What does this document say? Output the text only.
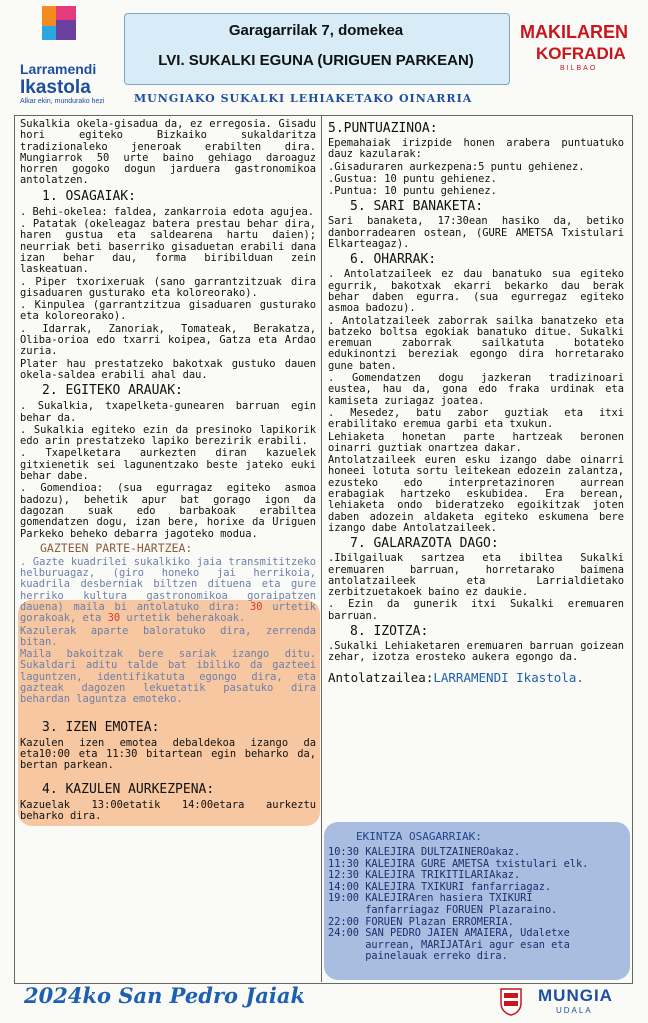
Larramendi
Ikastola
Alkar ekin, mundurako hezi
Garagarrilak 7, domekea
LVI. SUKALKI EGUNA (URIGUEN PARKEAN)
MAKILAREN
KOFRADIA
BILBAO
MUNGIAKO SUKALKI LEHIAKETAKO OINARRIA

Sukalkia okela-gisadua da, ez erregosia. Gisadu hori egiteko Bizkaiko sukaldaritza tradizionaleko jeneroak erabilten dira. Mungiarrok 50 urte baino gehiago daroaguz horren gogoko dogun jarduera gastronomikoa antolatzen.

1. OSAGAIAK:

. Behi-okelea: faldea, zankarroia edota agujea.

. Patatak (okeleagaz batera prestau behar dira, haren gustua eta saldearena hartu daien); neurriak beti baserriko gisaduetan erabili dana izan behar dau, forma biribilduan zein laskeatuan.

. Piper txorixeruak (sano garrantzitzuak dira gisaduaren gusturako eta koloreorako).

. Kinpulea (garrantzitzua gisaduaren gusturako eta koloreorako).

. Idarrak, Zanoriak, Tomateak, Berakatza, Oliba-orioa edo txarri koipea, Gatza eta Ardao zuria.

Plater hau prestatzeko bakotxak gustuko dauen okela-saldea erabili ahal dau.

2. EGITEKO ARAUAK:

. Sukalkia, txapelketa-gunearen barruan egin behar da.

. Sukalkia egiteko ezin da presinoko lapikorik edo arin prestatzeko lapiko berezirik erabili.

. Txapelketara aurkezten diran kazuelek gitxienetik sei lagunentzako beste jateko euki behar dabe.

. Gomendioa: (sua egurragaz egiteko asmoa badozu), behetik apur bat gorago igon da dagozan suak edo barbakoak erabiltea gomendatzen dogu, izan bere, horixe da Uriguen Parkeko beheko debarra jagoteko modua.

GAZTEEN PARTE-HARTZEA:

. Gazte kuadrilei sukalkiko jaia transmititzeko helburuagaz, (giro honeko jai herrikoia, kuadrila desberniak biltzen dituena eta gure herriko kultura gastronomikoa goraipatzen dauena) maila bi antolatuko dira: 30 urtetik gorakoak, eta 30 urtetik beherakoak.

Kazulerak aparte baloratuko dira, zerrenda bitan.

Maila bakoitzak bere sariak izango ditu. Sukaldari aditu talde bat ibiliko da gazteei laguntzen, identifikatuta egongo dira, eta gazteak dagozen lekuetatik pasatuko dira behardan laguntza emoteko.

3. IZEN EMOTEA:

Kazulen izen emotea debaldekoa izango da eta10:00 eta 11:30 bitartean egin beharko da, bertan parkean.

4. KAZULEN AURKEZPENA:

Kazuelak 13:00etatik 14:00etara aurkeztu beharko dira.

5.PUNTUAZINOA:

Epemahaiak irizpide honen arabera puntuatuko dauz kazularak:

.Gisaduraren aurkezpena:5 puntu gehienez.

.Gustua: 10 puntu gehienez.

.Puntua: 10 puntu gehienez.

5. SARI BANAKETA:

Sari banaketa, 17:30ean hasiko da, betiko danborradearen ostean, (GURE AMETSA Txistulari Elkarteagaz).

6. OHARRAK:

. Antolatzaileek ez dau banatuko sua egiteko egurrik, bakotxak ekarri bekarko dau berak behar daben egurra. (sua egurregaz egiteko asmoa badozu).

. Antolatzaileek zaborrak sailka banatzeko eta batzeko boltsa egokiak banatuko ditue. Sukalki eremuan zaborrak sailkatuta botateko edukinontzi bereziak egongo dira horretarako gune baten.

. Gomendatzen dogu jazkeran tradizinoari eustea, hau da, gona edo fraka urdinak eta kamiseta zuriagaz joatea.

. Mesedez, batu zabor guztiak eta itxi erabilitako eremua garbi eta txukun.

Lehiaketa honetan parte hartzeak beronen oinarri guztiak onartzea dakar.

Antolatzaileek euren esku izango dabe oinarri honeei lotuta sortu leitekean edozein zalantza, ezusteko edo interpretazinoren aurrean erabagiak hartzeko eskubidea. Era berean, lehiaketa ondo bideratzeko egoikitzak joten daben adozein aldaketa egiteko eskumena bere izango dabe Antolatzaileek.

7. GALARAZOTA DAGO:

.Ibilgailuak sartzea eta ibiltea Sukalki eremuaren barruan, horretarako baimena antolatzaileek eta Larrialdietako zerbitzuetakoek baino ez daukie.

. Ezin da gunerik itxi Sukalki eremuaren barruan.

8. IZOTZA:

.Sukalki Lehiaketaren eremuaren barruan goizean zehar, izotza erosteko aukera egongo da.

Antolatzailea:LARRAMENDI Ikastola.
EKINTZA OSAGARRIAK:
10:30 KALEJIRA DULTZAINEROakaz.
11:30 KALEJIRA GURE AMETSA txistulari elk.
12:30 KALEJIRA TRIKITILARIAkaz.
14:00 KALEJIRA TXIKURI fanfarriagaz.
19:00 KALEJIRAren hasiera TXIKURI
fanfarriagaz FORUEN Plazaraino.
22:00 FORUEN Plazan ERROMERIA.
24:00 SAN PEDRO JAIEN AMAIERA, Udaletxe
aurrean, MARIJATAri agur esan eta
painelauak erreko dira.
2024ko San Pedro Jaiak	MUNGIA
UDALA
